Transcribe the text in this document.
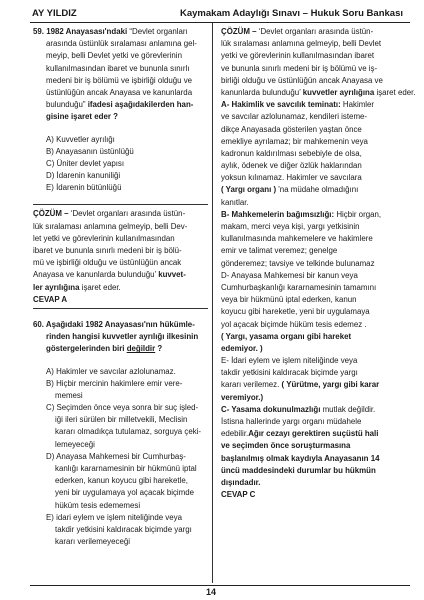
AY YILDIZ	Kaymakam Adaylığı Sınavı – Hukuk Soru Bankası
59. 1982 Anayasası'ndaki “Devlet organları
arasında üstünlük sıralaması anlamına gel-
meyip, belli Devlet yetki ve görevlerinin
kullanılmasından ibaret ve bununla sınırlı
medeni bir iş bölümü ve işbirliği olduğu ve
üstünlüğün ancak Anayasa ve kanunlarda
bulunduğu” ifadesi aşağıdakilerden han-
gisine işaret eder ?
A) Kuvvetler ayrılığı
B) Anayasanın üstünlüğü
C) Üniter devlet yapısı
D) İdarenin kanuniliği
E) İdarenin bütünlüğü
ÇÖZÜM – ‘Devlet organları arasında üstün-
lük sıralaması anlamına gelmeyip, belli Dev-
let yetki ve görevlerinin kullanılmasından
ibaret ve bununla sınırlı medeni bir iş bölü-
mü ve işbirliği olduğu ve üstünlüğün ancak
Anayasa ve kanunlarda bulunduğu’ kuvvet-
ler ayrılığına işaret eder.
CEVAP A
60. Aşağıdaki 1982 Anayasası'nın hükümle-
rinden hangisi kuvvetler ayrılığı ilkesinin
göstergelerinden biri değildir ?
A) Hakimler ve savcılar azlolunamaz.
B) Hiçbir mercinin hakimlere emir vere-
memesi
C) Seçimden önce veya sonra bir suç işled-
iği ileri sürülen bir milletvekili, Meclisin
kararı olmadıkça tutulamaz, sorguya çeki-
lemeyeceği
D) Anayasa Mahkemesi bir Cumhurbaş-
kanlığı kararnamesinin bir hükmünü iptal
ederken, kanun koyucu gibi hareketle,
yeni bir uygulamaya yol açacak biçimde
hüküm tesis edememesi
E) idari eylem ve işlem niteliğinde veya
takdir yetkisini kaldıracak biçimde yargı
kararı verilemeyeceği
ÇÖZÜM – ‘Devlet organları arasında üstün-
lük sıralaması anlamına gelmeyip, belli Devlet
yetki ve görevlerinin kullanılmasından ibaret
ve bununla sınırlı medeni bir iş bölümü ve iş-
birliği olduğu ve üstünlüğün ancak Anayasa ve
kanunlarda bulunduğu’ kuvvetler ayrılığına işaret eder.
A- Hakimlik ve savcılık teminatı: Hakimler
ve savcılar azlolunamaz, kendileri isteme-
dikçe Anayasada gösterilen yaştan önce
emekliye ayrılamaz; bir mahkemenin veya
kadronun kaldırılması sebebiyle de olsa,
aylık, ödenek ve diğer özlük haklarından
yoksun kılınamaz. Hakimler ve savcılara
( Yargı organı ) 'na müdahe olmadığını
kanıtlar.
B- Mahkemelerin bağımsızlığı: Hiçbir organ,
makam, merci veya kişi, yargı yetkisinin
kullanılmasında mahkemelere ve hakimlere
emir ve talimat veremez; genelge
gönderemez; tavsiye ve telkinde bulunamaz
D- Anayasa Mahkemesi bir kanun veya
Cumhurbaşkanlığı kararnamesinin tamamını
veya bir hükmünü iptal ederken, kanun
koyucu gibi hareketle, yeni bir uygulamaya
yol açacak biçimde hüküm tesis edemez .
( Yargı, yasama organı gibi hareket
edemiyor. )
E- İdari eylem ve işlem niteliğinde veya
takdir yetkisini kaldıracak biçimde yargı
kararı verilemez. ( Yürütme, yargı gibi karar
veremiyor.)
C- Yasama dokunulmazlığı mutlak değildir.
İstisna hallerinde yargı organı müdahele
edebilir.Ağır cezayı gerektiren suçüstü hali
ve seçimden önce soruşturmasına
başlanılmış olmak kaydıyla Anayasanın 14
üncü maddesindeki durumlar bu hükmün
dışındadır.
CEVAP C
14
